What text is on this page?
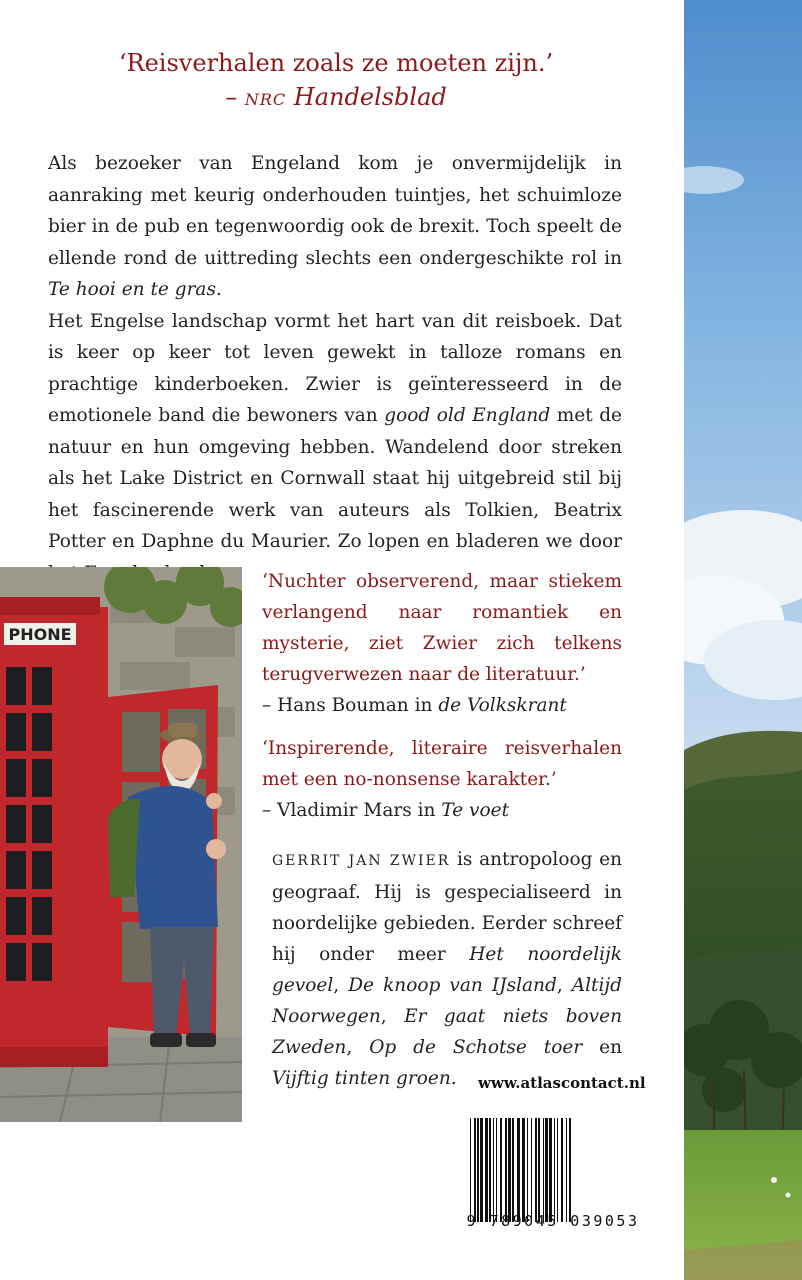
‘Reisverhalen zoals ze moeten zijn.’
– NRC Handelsblad

Als bezoeker van Engeland kom je onvermijdelijk in aanraking met keurig onderhouden tuintjes, het schuimloze bier in de pub en tegenwoordig ook de brexit. Toch speelt de ellende rond de uittreding slechts een ondergeschikte rol in Te hooi en te gras.

Het Engelse landschap vormt het hart van dit reisboek. Dat is keer op keer tot leven gewekt in talloze romans en prachtige kinderboeken. Zwier is geïnteresseerd in de emotionele band die bewoners van good old England met de natuur en hun omgeving hebben. Wandelend door streken als het Lake District en Cornwall staat hij uitgebreid stil bij het fascinerende werk van auteurs als Tolkien, Beatrix Potter en Daphne du Maurier. Zo lopen en bladeren we door

PHONE

‘Nuchter observerend, maar stiekem verlangend naar romantiek en mysterie, ziet Zwier zich telkens terugverwezen naar de literatuur.’

– Hans Bouman in de Volkskrant

‘Inspirerende, literaire reisverhalen met een no-nonsense karakter.’

– Vladimir Mars in Te voet

GERRIT JAN ZWIER is antropoloog en geograaf. Hij is gespecialiseerd in noordelijke gebieden. Eerder schreef hij onder meer Het noordelijk gevoel, De knoop van IJsland, Altijd Noorwegen, Er gaat niets boven Zweden, Op de Schotse toer en Vijftig tinten groen.	www.atlascontact.nl
9 789045 039053
